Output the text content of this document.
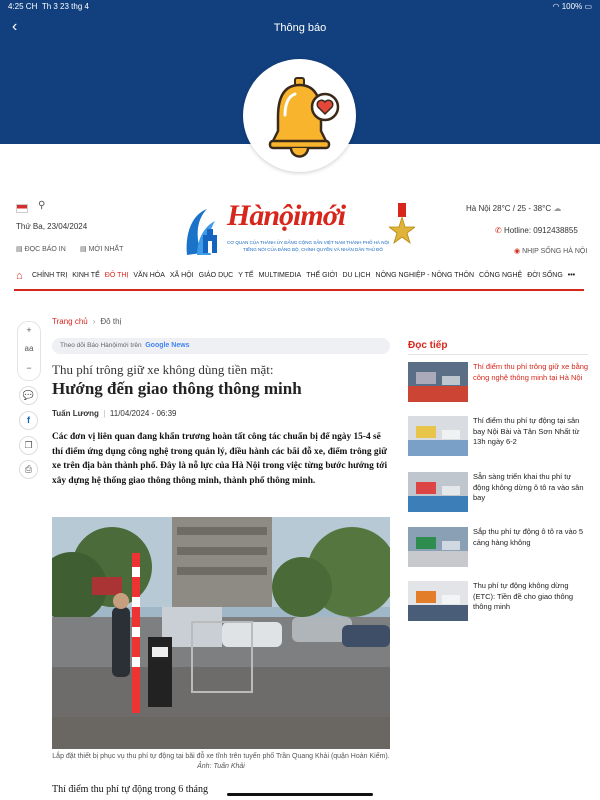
4:25 CH Th 3 23 thg 4	◠ 100% ▭
‹	Thông báo
⚲
Thứ Ba, 23/04/2024
▤ ĐỌC BÁO IN ▤ MỚI NHẤT
Hànộimới
CƠ QUAN CỦA THÀNH ỦY ĐẢNG CỘNG SẢN VIỆT NAM THÀNH PHỐ HÀ NỘI
TIẾNG NÓI CỦA ĐẢNG BỘ, CHÍNH QUYỀN VÀ NHÂN DÂN THỦ ĐÔ
Hà Nội 28°C / 25 - 38°C ☁
✆ Hotline: 0912438855
◉ NHỊP SỐNG HÀ NỘI
⌂ CHÍNH TRỊ KINH TẾ ĐÔ THỊ VĂN HÓA XÃ HỘI GIÁO DỤC Y TẾ MULTIMEDIA THẾ GIỚI DU LỊCH NÔNG NGHIỆP - NÔNG THÔN CÔNG NGHỆ ĐỜI SỐNG •••
+
aa
−
💬
f
❐
⎙
Trang chủ › Đô thị
Theo dõi Báo Hànộimới trên Google News
Thu phí trông giữ xe không dùng tiền mặt:
Hướng đến giao thông thông minh
Tuấn Lương  |  11/04/2024 - 06:39
Các đơn vị liên quan đang khẩn trương hoàn tất công tác chuẩn bị để ngày 15-4 sẽ thí điểm ứng dụng công nghệ trong quản lý, điều hành các bãi đỗ xe, điểm trông giữ xe trên địa bàn thành phố. Đây là nỗ lực của Hà Nội trong việc từng bước hướng tới xây dựng hệ thống giao thông thông minh, thành phố thông minh.
Lắp đặt thiết bị phục vụ thu phí tự động tại bãi đỗ xe tĩnh trên tuyến phố Trần Quang Khải (quận Hoàn Kiếm). Ảnh: Tuấn Khải
Thí điểm thu phí tự động trong 6 tháng
Đọc tiếp
Thí điểm thu phí trông giữ xe bằng công nghệ thông minh tại Hà Nội
Thí điểm thu phí tự động tại sân bay Nội Bài và Tân Sơn Nhất từ 13h ngày 6-2
Sẵn sàng triển khai thu phí tự động không dừng ô tô ra vào sân bay
Sắp thu phí tự động ô tô ra vào 5 cảng hàng không
Thu phí tự động không dừng (ETC): Tiền đề cho giao thông thông minh
